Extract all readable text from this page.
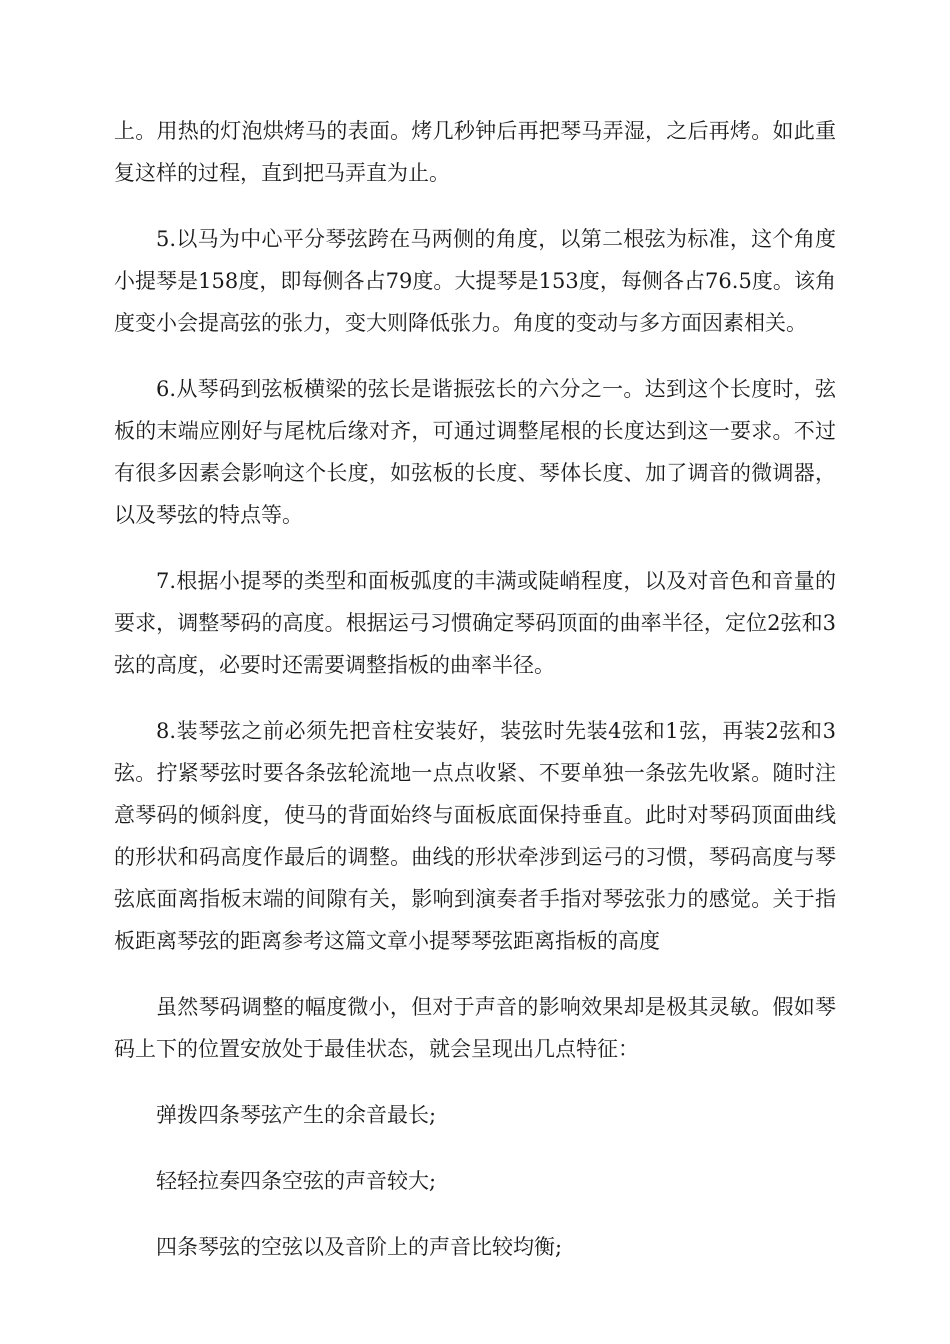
上。用热的灯泡烘烤马的表面。烤几秒钟后再把琴马弄湿，之后再烤。如此重复这样的过程，直到把马弄直为止。

5.以马为中心平分琴弦跨在马两侧的角度，以第二根弦为标准，这个角度小提琴是158度，即每侧各占79度。大提琴是153度，每侧各占76.5度。该角度变小会提高弦的张力，变大则降低张力。角度的变动与多方面因素相关。

6.从琴码到弦板横梁的弦长是谐振弦长的六分之一。达到这个长度时，弦板的末端应刚好与尾枕后缘对齐，可通过调整尾根的长度达到这一要求。不过有很多因素会影响这个长度，如弦板的长度、琴体长度、加了调音的微调器，以及琴弦的特点等。

7.根据小提琴的类型和面板弧度的丰满或陡峭程度，以及对音色和音量的要求，调整琴码的高度。根据运弓习惯确定琴码顶面的曲率半径，定位2弦和3弦的高度，必要时还需要调整指板的曲率半径。

8.装琴弦之前必须先把音柱安装好，装弦时先装4弦和1弦，再装2弦和3弦。拧紧琴弦时要各条弦轮流地一点点收紧、不要单独一条弦先收紧。随时注意琴码的倾斜度，使马的背面始终与面板底面保持垂直。此时对琴码顶面曲线的形状和码高度作最后的调整。曲线的形状牵涉到运弓的习惯，琴码高度与琴弦底面离指板末端的间隙有关，影响到演奏者手指对琴弦张力的感觉。关于指板距离琴弦的距离参考这篇文章小提琴琴弦距离指板的高度

虽然琴码调整的幅度微小，但对于声音的影响效果却是极其灵敏。假如琴码上下的位置安放处于最佳状态，就会呈现出几点特征：

弹拨四条琴弦产生的余音最长;

轻轻拉奏四条空弦的声音较大;

四条琴弦的空弦以及音阶上的声音比较均衡;
